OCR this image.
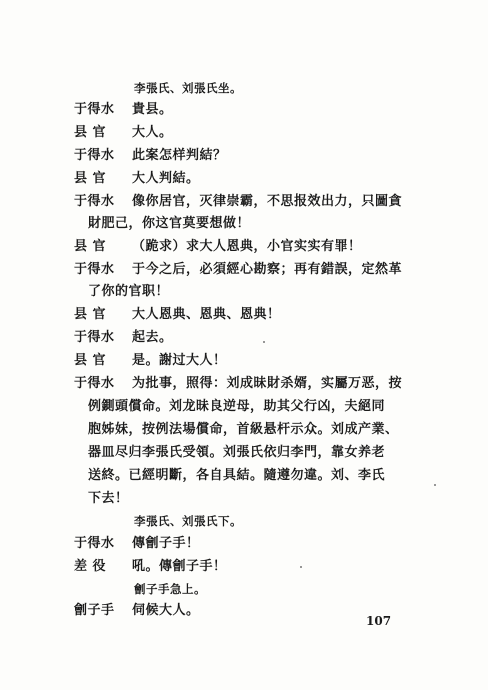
李張氏、刘張氏坐。
于得水 貴县。
县 官 大人。
于得水 此案怎样判結？
县 官 大人判結。
于得水 像你居官，灭律崇霸，不思报效出力，只圖貪
財肥己，你这官莫要想做！
县 官 （跪求）求大人恩典，小官实实有罪！
于得水 于今之后，必須經心勘察；再有錯誤，定然革
了你的官职！
县 官 大人恩典、恩典、恩典！
于得水 起去。
县 官 是。謝过大人！
于得水 为批事，照得：刘成昧財杀婿，实屬万恶，按
例鍘頭償命。刘龙昧良逆母，助其父行凶，夫絕同
胞姊妹，按例法場償命，首級悬杆示众。刘成产業、
器皿尽归李張氏受領。刘張氏依归李門，靠女养老
送終。已經明斷，各自具結。隨遵勿違。刘、李氏
下去！
李張氏、刘張氏下。
于得水 傳劊子手！
差 役 吼。傳劊子手！
劊子手急上。
劊子手 伺候大人。
107
